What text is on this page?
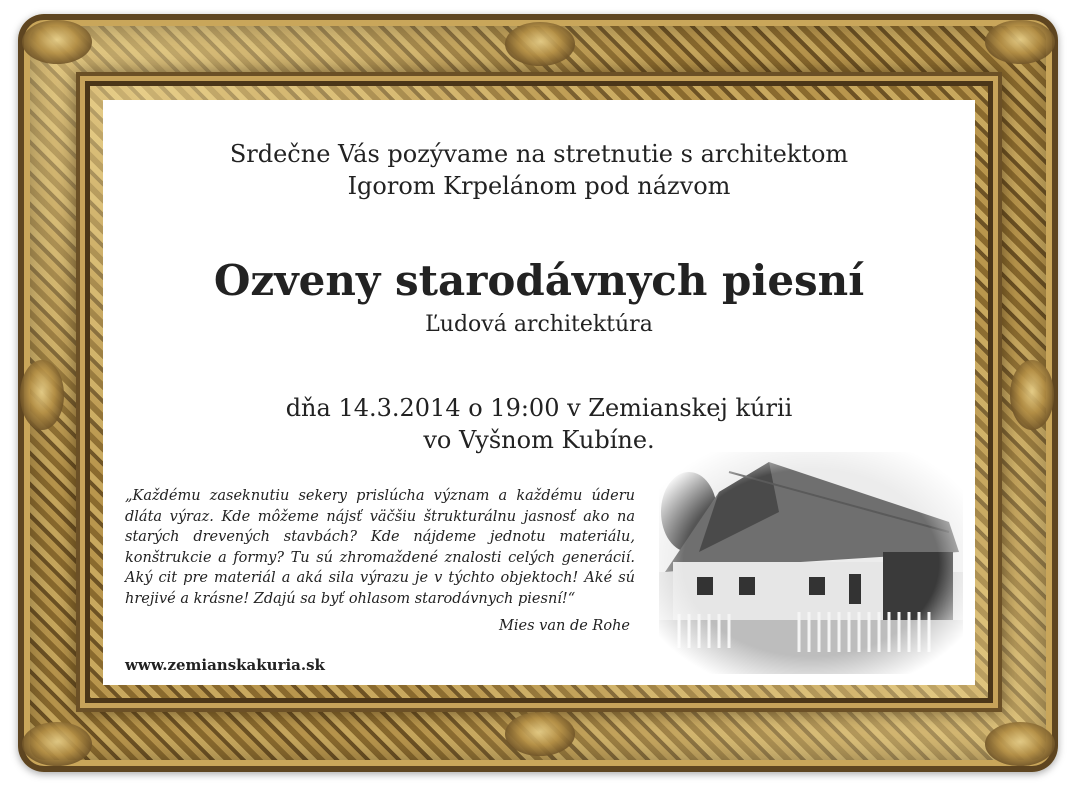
Srdečne Vás pozývame na stretnutie s architektom
Igorom Krpelánom pod názvom
Ozveny starodávnych piesní
Ľudová architektúra
dňa 14.3.2014 o 19:00 v Zemianskej kúrii
vo Vyšnom Kubíne.
„Každému zaseknutiu sekery prislúcha význam a každému úderu dláta výraz. Kde môžeme nájsť väčšiu štrukturálnu jasnosť ako na starých drevených stavbách? Kde nájdeme jednotu materiálu, konštrukcie a formy? Tu sú zhromaždené znalosti celých generácií. Aký cit pre materiál a aká sila výrazu je v týchto objektoch! Aké sú hrejivé a krásne! Zdajú sa byť ohlasom starodávnych piesní!“
Mies van de Rohe
www.zemianskakuria.sk
